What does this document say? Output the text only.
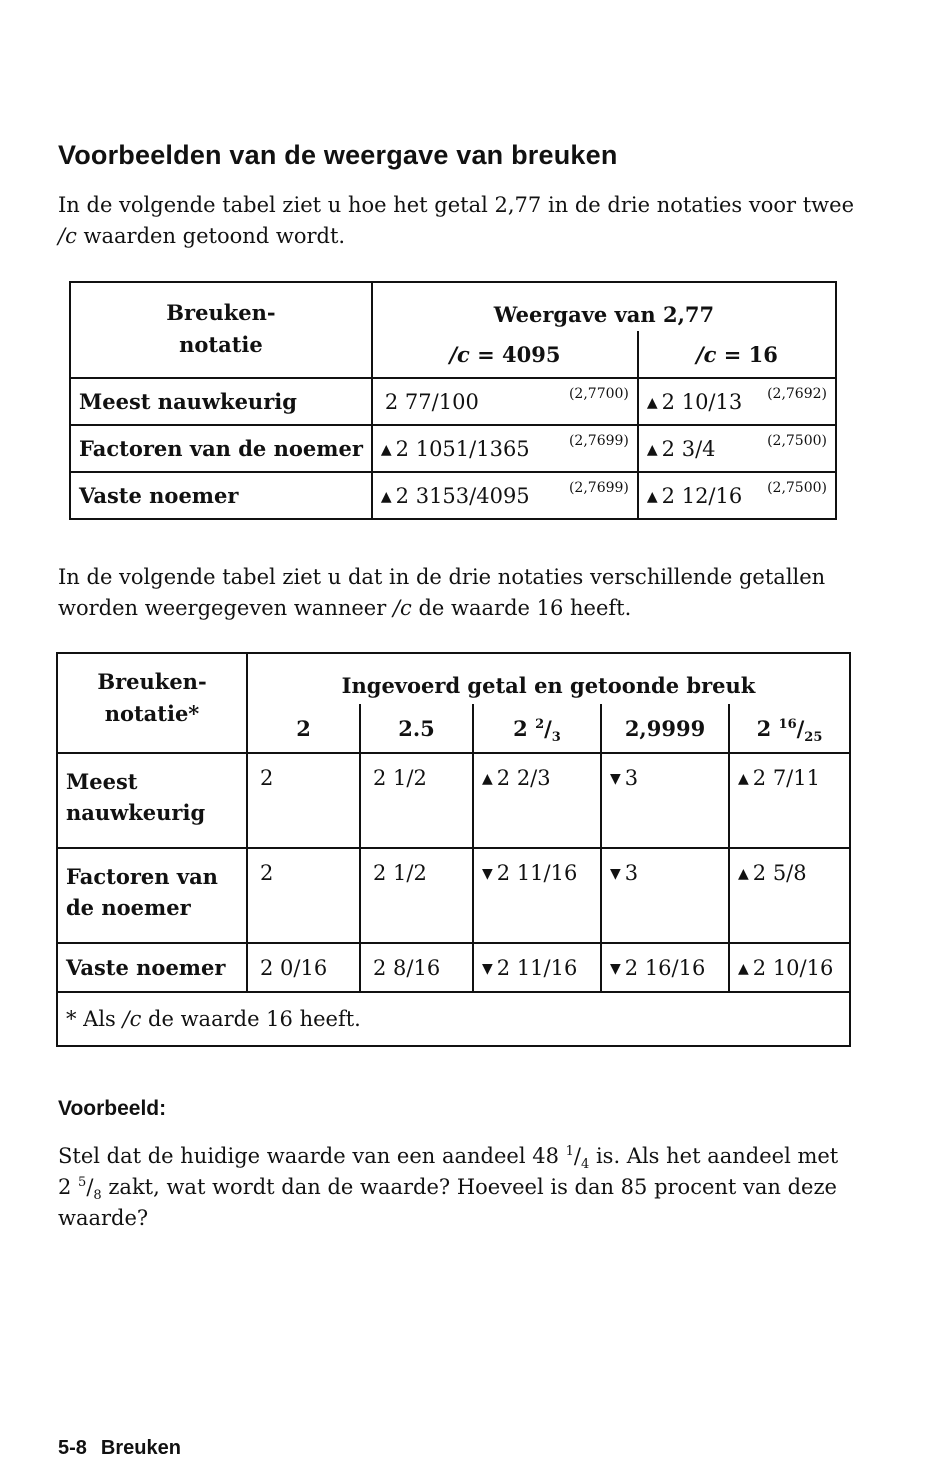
Voorbeelden van de weergave van breuken

In de volgende tabel ziet u hoe het getal 2,77 in de drie notaties voor twee /c waarden getoond wordt.

Breuken-
notatie	Weergave van 2,77	
	/c = 4095	/c = 16
Meest nauwkeurig	2 77/100 (2,7700)	▲ 2 10/13 (2,7692)

Factoren van de noemer	▲ 2 1051/1365 (2,7699)	▲ 2 3/4 (2,7500)

Vaste noemer	▲ 2 3153/4095 (2,7699)	▲ 2 12/16 (2,7500)

In de volgende tabel ziet u dat in de drie notaties verschillende getallen worden weergegeven wanneer /c de waarde 16 heeft.

Breuken-
notatie*	Ingevoerd getal en getoonde breuk				
	2	2.5	2 $^2/_3$	2,9999	2 $^{16}/_{25}$
Meest
nauwkeurig	2	2 1/2	▲ 2 2/3	▼ 3	▲ 2 7/11
Factoren van
de noemer	2	2 1/2	▼ 2 11/16	▼ 3	▲ 2 5/8
Vaste noemer	2 0/16	2 8/16	▼ 2 11/16	▼ 2 16/16	▲ 2 10/16
* Als /c de waarde 16 heeft.					
Voorbeeld:

Stel dat de huidige waarde van een aandeel 48 $^1/_4$ is. Als het aandeel met 2 $^5/_8$ zakt, wat wordt dan de waarde? Hoeveel is dan 85 procent van deze waarde?

5-8 Breuken
